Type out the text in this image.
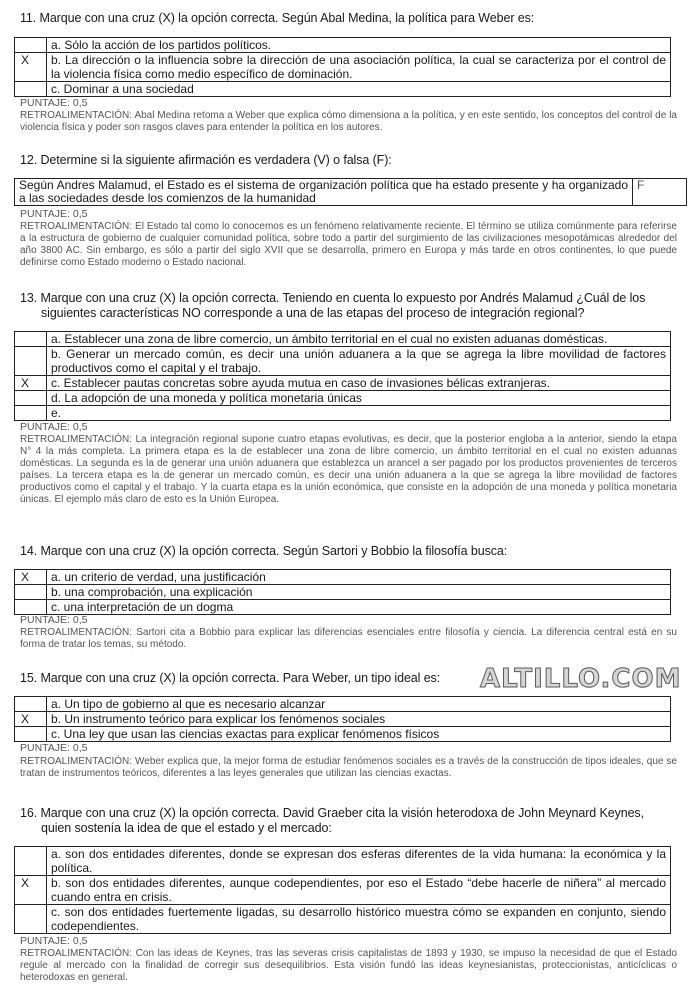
11. Marque con una cruz (X) la opción correcta. Según Abal Medina, la política para Weber es:
	a. Sólo la acción de los partidos políticos.
X	b. La dirección o la influencia sobre la dirección de una asociación política, la cual se caracteriza por el control de la violencia física como medio específico de dominación.
	c. Dominar a una sociedad
PUNTAJE: 0,5
RETROALIMENTACIÓN: Abal Medina retoma a Weber que explica cómo dimensiona a la política, y en este sentido, los conceptos del control de la violencia física y poder son rasgos claves para entender la política en los autores.
12. Determine si la siguiente afirmación es verdadera (V) o falsa (F):
Según Andres Malamud, el Estado es el sistema de organización política que ha estado presente y ha organizado a las sociedades desde los comienzos de la humanidad	F
PUNTAJE: 0,5
RETROALIMENTACIÓN: El Estado tal como lo conocemos es un fenómeno relativamente reciente. El término se utiliza comúnmente para referirse a la estructura de gobierno de cualquier comunidad política, sobre todo a partir del surgimiento de las civilizaciones mesopotámicas alrededor del año 3800 AC. Sin embargo, es sólo a partir del siglo XVII que se desarrolla, primero en Europa y más tarde en otros continentes, lo que puede definirse como Estado moderno o Estado nacional.
13. Marque con una cruz (X) la opción correcta. Teniendo en cuenta lo expuesto por Andrés Malamud ¿Cuál de los
siguientes características NO corresponde a una de las etapas del proceso de integración regional?
	a. Establecer una zona de libre comercio, un ámbito territorial en el cual no existen aduanas domésticas.
	b. Generar un mercado común, es decir una unión aduanera a la que se agrega la libre movilidad de factores productivos como el capital y el trabajo.
X	c. Establecer pautas concretas sobre ayuda mutua en caso de invasiones bélicas extranjeras.
	d. La adopción de una moneda y política monetaria únicas
	e.
PUNTAJE: 0,5
RETROALIMENTACIÓN: La integración regional supone cuatro etapas evolutivas, es decir, que la posterior engloba a la anterior, siendo la etapa N° 4 la más completa. La primera etapa es la de establecer una zona de libre comercio, un ámbito territorial en el cual no existen aduanas domésticas. La segunda es la de generar una unión aduanera que establezca un arancel a ser pagado por los productos provenientes de terceros países. La tercera etapa es la de generar un mercado común, es decir una unión aduanera a la que se agrega la libre movilidad de factores productivos como el capital y el trabajo. Y la cuarta etapa es la unión económica, que consiste en la adopción de una moneda y política monetaria únicas. El ejemplo más claro de esto es la Unión Europea.
14. Marque con una cruz (X) la opción correcta. Según Sartori y Bobbio la filosofía busca:
X	a. un criterio de verdad, una justificación
	b. una comprobación, una explicación
	c. una interpretación de un dogma
PUNTAJE: 0,5
RETROALIMENTACIÓN: Sartori cita a Bobbio para explicar las diferencias esenciales entre filosofía y ciencia. La diferencia central está en su forma de tratar los temas, su método.
15. Marque con una cruz (X) la opción correcta. Para Weber, un tipo ideal es:	ALTILLO.COM
	a. Un tipo de gobierno al que es necesario alcanzar
X	b. Un instrumento teórico para explicar los fenómenos sociales
	c. Una ley que usan las ciencias exactas para explicar fenómenos físicos
PUNTAJE: 0,5
RETROALIMENTACIÓN: Weber explica que, la mejor forma de estudiar fenómenos sociales es a través de la construcción de tipos ideales, que se tratan de instrumentos teóricos, diferentes a las leyes generales que utilizan las ciencias exactas.
16. Marque con una cruz (X) la opción correcta. David Graeber cita la visión heterodoxa de John Meynard Keynes,
quien sostenía la idea de que el estado y el mercado:
	a. son dos entidades diferentes, donde se expresan dos esferas diferentes de la vida humana: la económica y la política.
X	b. son dos entidades diferentes, aunque codependientes, por eso el Estado “debe hacerle de niñera” al mercado cuando entra en crisis.
	c. son dos entidades fuertemente ligadas, su desarrollo histórico muestra cómo se expanden en conjunto, siendo codependientes.
PUNTAJE: 0,5
RETROALIMENTACIÓN: Con las ideas de Keynes, tras las severas crisis capitalistas de 1893 y 1930, se impuso la necesidad de que el Estado regule al mercado con la finalidad de corregir sus desequilibrios. Esta visión fundó las ideas keynesianistas, proteccionistas, anticíclicas o heterodoxas en general.
